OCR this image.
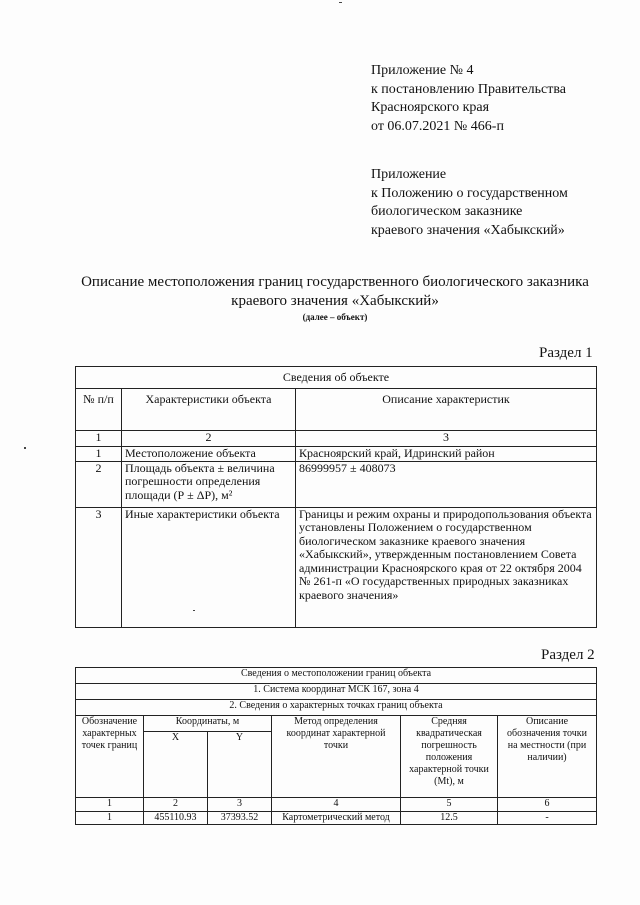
Приложение № 4
к постановлению Правительства
Красноярского края
от 06.07.2021 № 466-п
Приложение
к Положению о государственном
биологическом заказнике
краевого значения «Хабыкский»
Описание местоположения границ государственного биологического заказника
краевого значения «Хабыкский»
(далее – объект)
Раздел 1
Сведения об объекте		
№ п/п	Характеристики объекта	Описание характеристик
1	2	3
1	Местоположение объекта	Красноярский край, Идринский район
2	Площадь объекта ± величина погрешности определения площади (Р ± ΔР), м²	86999957 ± 408073
3	Иные характеристики объекта	Границы и режим охраны и природопользования объекта установлены Положением о государственном биологическом заказнике краевого значения «Хабыкский», утвержденным постановлением Совета администрации Красноярского края от 22 октября 2004 № 261-п «О государственных природных заказниках краевого значения»
Раздел 2
Сведения о местоположении границ объекта					
1. Система координат МСК 167, зона 4					
2. Сведения о характерных точках границ объекта					
Обозначение характерных точек границ	Координаты, м		Метод определения координат характерной точки	Средняя квадратическая погрешность положения характерной точки (Mt), м	Описание обозначения точки на местности (при наличии)
	X	Y			
1	2	3	4	5	6
1	455110.93	37393.52	Картометрический метод	12.5	-
